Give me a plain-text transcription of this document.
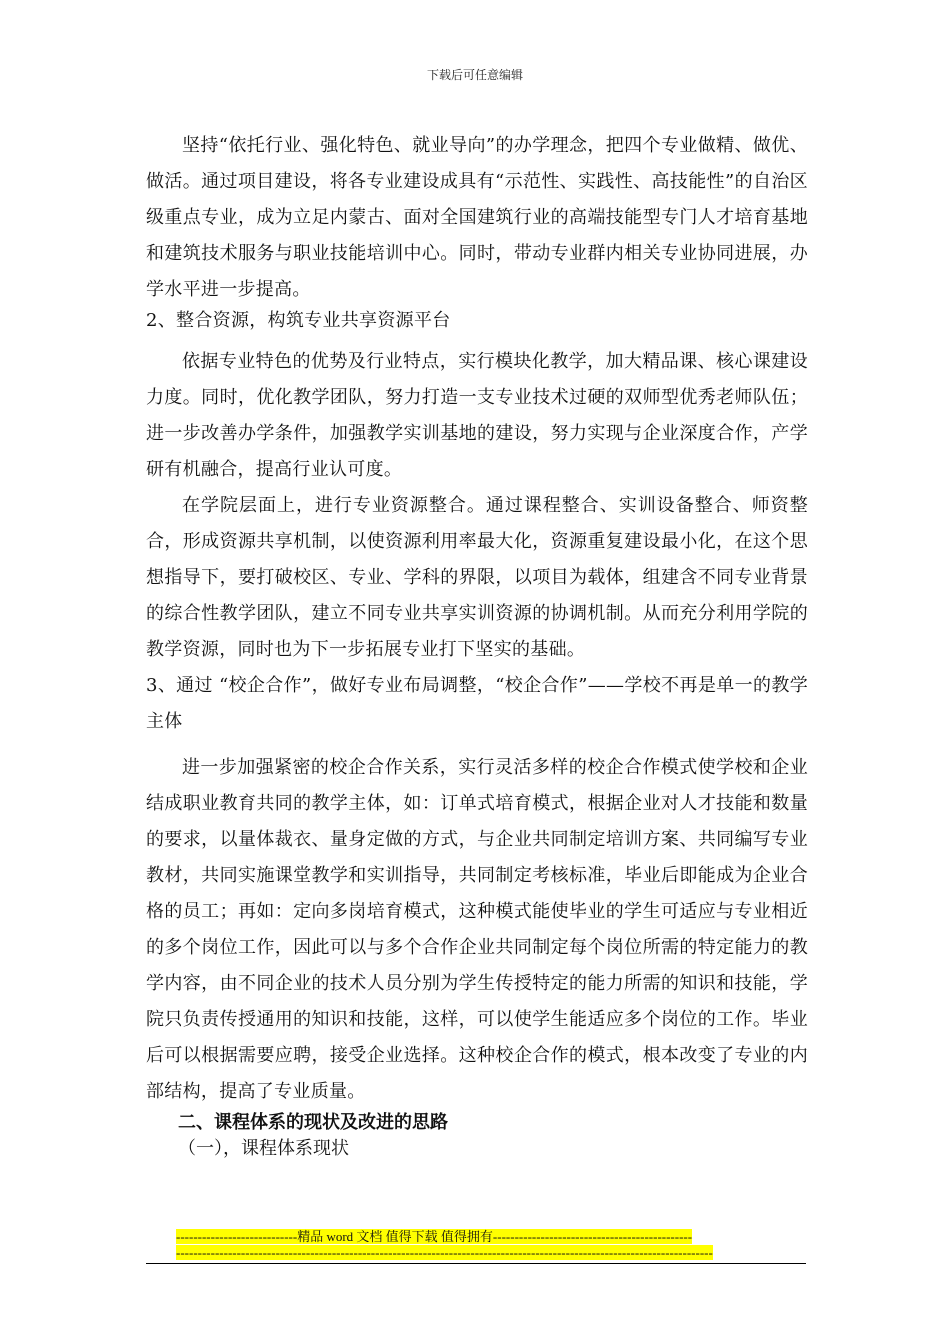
下载后可任意编辑

坚持“依托行业、强化特色、就业导向”的办学理念，把四个专业做精、做优、做活。通过项目建设，将各专业建设成具有“示范性、实践性、高技能性”的自治区级重点专业，成为立足内蒙古、面对全国建筑行业的高端技能型专门人才培育基地和建筑技术服务与职业技能培训中心。同时，带动专业群内相关专业协同进展，办学水平进一步提高。

2、整合资源，构筑专业共享资源平台

依据专业特色的优势及行业特点，实行模块化教学，加大精品课、核心课建设力度。同时，优化教学团队，努力打造一支专业技术过硬的双师型优秀老师队伍；进一步改善办学条件，加强教学实训基地的建设，努力实现与企业深度合作，产学研有机融合，提高行业认可度。

在学院层面上，进行专业资源整合。通过课程整合、实训设备整合、师资整合，形成资源共享机制，以使资源利用率最大化，资源重复建设最小化，在这个思想指导下，要打破校区、专业、学科的界限，以项目为载体，组建含不同专业背景的综合性教学团队，建立不同专业共享实训资源的协调机制。从而充分利用学院的教学资源，同时也为下一步拓展专业打下坚实的基础。

3、通过 “校企合作”，做好专业布局调整，“校企合作”——学校不再是单一的教学主体

进一步加强紧密的校企合作关系，实行灵活多样的校企合作模式使学校和企业结成职业教育共同的教学主体，如：订单式培育模式，根据企业对人才技能和数量的要求，以量体裁衣、量身定做的方式，与企业共同制定培训方案、共同编写专业教材，共同实施课堂教学和实训指导，共同制定考核标准，毕业后即能成为企业合格的员工；再如：定向多岗培育模式，这种模式能使毕业的学生可适应与专业相近的多个岗位工作，因此可以与多个合作企业共同制定每个岗位所需的特定能力的教学内容，由不同企业的技术人员分别为学生传授特定的能力所需的知识和技能，学院只负责传授通用的知识和技能，这样，可以使学生能适应多个岗位的工作。毕业后可以根据需要应聘，接受企业选择。这种校企合作的模式，根本改变了专业的内部结构，提高了专业质量。

二、课程体系的现状及改进的思路

（一），课程体系现状

----------------------------精品 word 文档 值得下载 值得拥有----------------------------------------------
----------------------------------------------------------------------------------------------------------------------------
